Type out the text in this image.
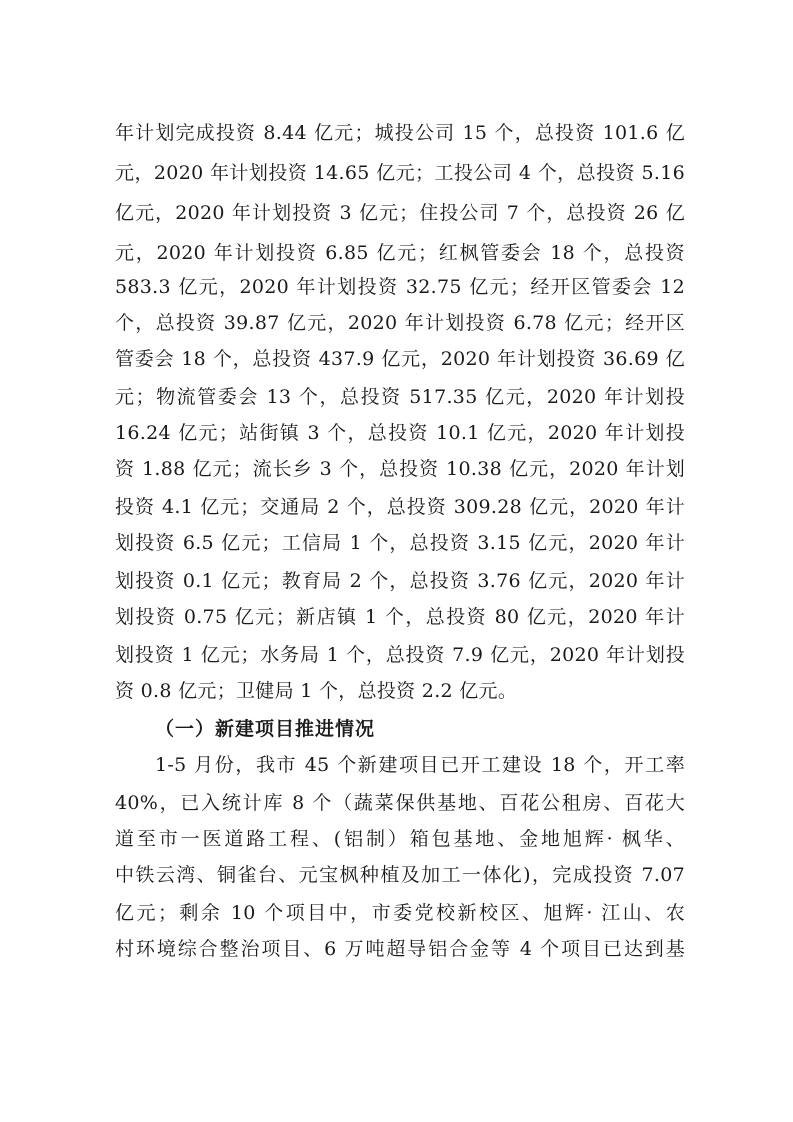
年计划完成投资 8.44 亿元；城投公司 15 个，总投资 101.6 亿
元，2020 年计划投资 14.65 亿元；工投公司 4 个，总投资 5.16
亿元，2020 年计划投资 3 亿元；住投公司 7 个，总投资 26 亿
元，2020 年计划投资 6.85 亿元；红枫管委会 18 个，总投资
583.3 亿元，2020 年计划投资 32.75 亿元；经开区管委会 12
个，总投资 39.87 亿元，2020 年计划投资 6.78 亿元；经开区
管委会 18 个，总投资 437.9 亿元，2020 年计划投资 36.69 亿
元；物流管委会 13 个，总投资 517.35 亿元，2020 年计划投
16.24 亿元；站街镇 3 个，总投资 10.1 亿元，2020 年计划投
资 1.88 亿元；流长乡 3 个，总投资 10.38 亿元，2020 年计划
投资 4.1 亿元；交通局 2 个，总投资 309.28 亿元，2020 年计
划投资 6.5 亿元；工信局 1 个，总投资 3.15 亿元，2020 年计
划投资 0.1 亿元；教育局 2 个，总投资 3.76 亿元，2020 年计
划投资 0.75 亿元；新店镇 1 个，总投资 80 亿元，2020 年计
划投资 1 亿元；水务局 1 个，总投资 7.9 亿元，2020 年计划投
资 0.8 亿元；卫健局 1 个，总投资 2.2 亿元。
（一）新建项目推进情况
1-5 月份，我市 45 个新建项目已开工建设 18 个，开工率
40%，已入统计库 8 个（蔬菜保供基地、百花公租房、百花大
道至市一医道路工程、(铝制）箱包基地、金地旭辉· 枫华、
中铁云湾、铜雀台、元宝枫种植及加工一体化)，完成投资 7.07
亿元；剩余 10 个项目中，市委党校新校区、旭辉· 江山、农
村环境综合整治项目、6 万吨超导铝合金等 4 个项目已达到基
